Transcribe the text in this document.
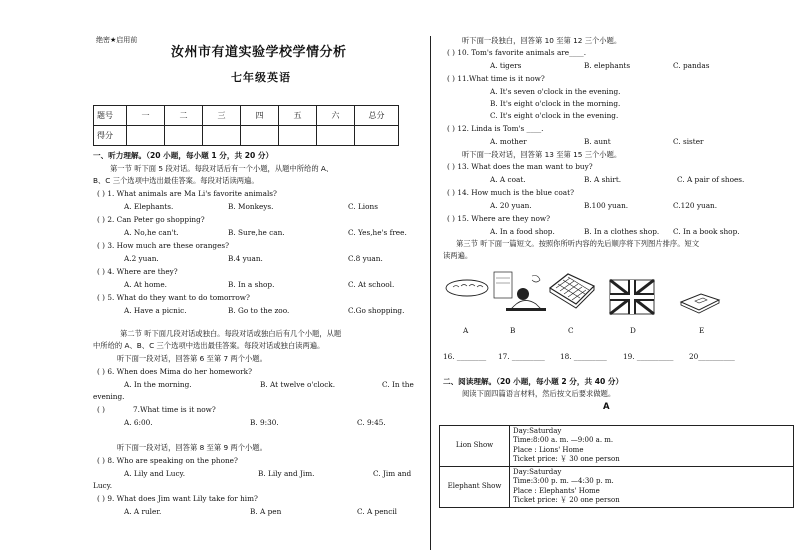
绝密★启用前
汝州市有道实验学校学情分析
七年级英语
题号	一	二	三	四	五	六	总分
得分							
一、听力理解。（20 小题，每小题 1 分，共 20 分）
第一节 听下面 5 段对话。每段对话后有一个小题，从题中所给的 A、
B、C 三个选项中选出最佳答案。每段对话读两遍。
( ) 1. What animals are Ma Li's favorite animals?
A. Elephants.	B. Monkeys.	C. Lions
( ) 2. Can Peter go shopping?
A. No,he can't.	B. Sure,he can.	C. Yes,he's free.
( ) 3. How much are these oranges?
A.2 yuan.	B.4 yuan.	C.8 yuan.
( ) 4. Where are they?
A. At home.	B. In a shop.	C. At school.
( ) 5. What do they want to do tomorrow?
A. Have a picnic.	B. Go to the zoo.	C.Go shopping.
第二节 听下面几段对话或独白。每段对话或独白后有几个小题，从题
中所给的 A、B、C 三个选项中选出最佳答案。每段对话或独白读两遍。
听下面一段对话，回答第 6 至第 7 两个小题。
( ) 6. When does Mima do her homework?
A. In the morning.	B. At twelve o'clock.	C. In the
evening.
( )	7.What time is it now?
A. 6:00.	B. 9:30.	C. 9:45.
听下面一段对话，回答第 8 至第 9 两个小题。
( ) 8. Who are speaking on the phone?
A. Lily and Lucy.	B. Lily and Jim.	C. Jim and
Lucy.
( ) 9. What does Jim want Lily take for him?
A. A ruler.	B. A pen	C. A pencil
听下面一段独白，回答第 10 至第 12 三个小题。
( ) 10. Tom's favorite animals are____.
A. tigers	B. elephants	C. pandas
( ) 11.What time is it now?
A. It's seven o'clock in the evening.
B. It's eight o'clock in the morning.
C. It's eight o'clock in the evening.
( ) 12. Linda is Tom's ____.
A. mother	B. aunt	C. sister
听下面一段对话，回答第 13 至第 15 三个小题。
( ) 13. What does the man want to buy?
A. A coat.	B. A shirt.	C. A pair of shoes.
( ) 14. How much is the blue coat?
A. 20 yuan.	B.100 yuan.	C.120 yuan.
( ) 15. Where are they now?
A. In a food shop.	B. In a clothes shop. C. In a book shop.
第三节 听下面一篇短文。按照你所听内容的先后顺序将下列图片排序。短文
读两遍。
A	B	C	D	E
16. ________ 17. _________ 18. _________ 19. __________ 20__________
二、阅读理解。（20 小题，每小题 2 分，共 40 分）
阅读下面四篇语言材料，然后按文后要求做题。
A
Lion Show	Day:Saturday
Time:8:00 a. m. —9:00 a. m.
Place : Lions' Home
Ticket price: ￥ 30 one person

Elephant Show	Day:Saturday
Time:3:00 p. m. —4:30 p. m.
Place : Elephants' Home
Ticket price: ￥ 20 one person
